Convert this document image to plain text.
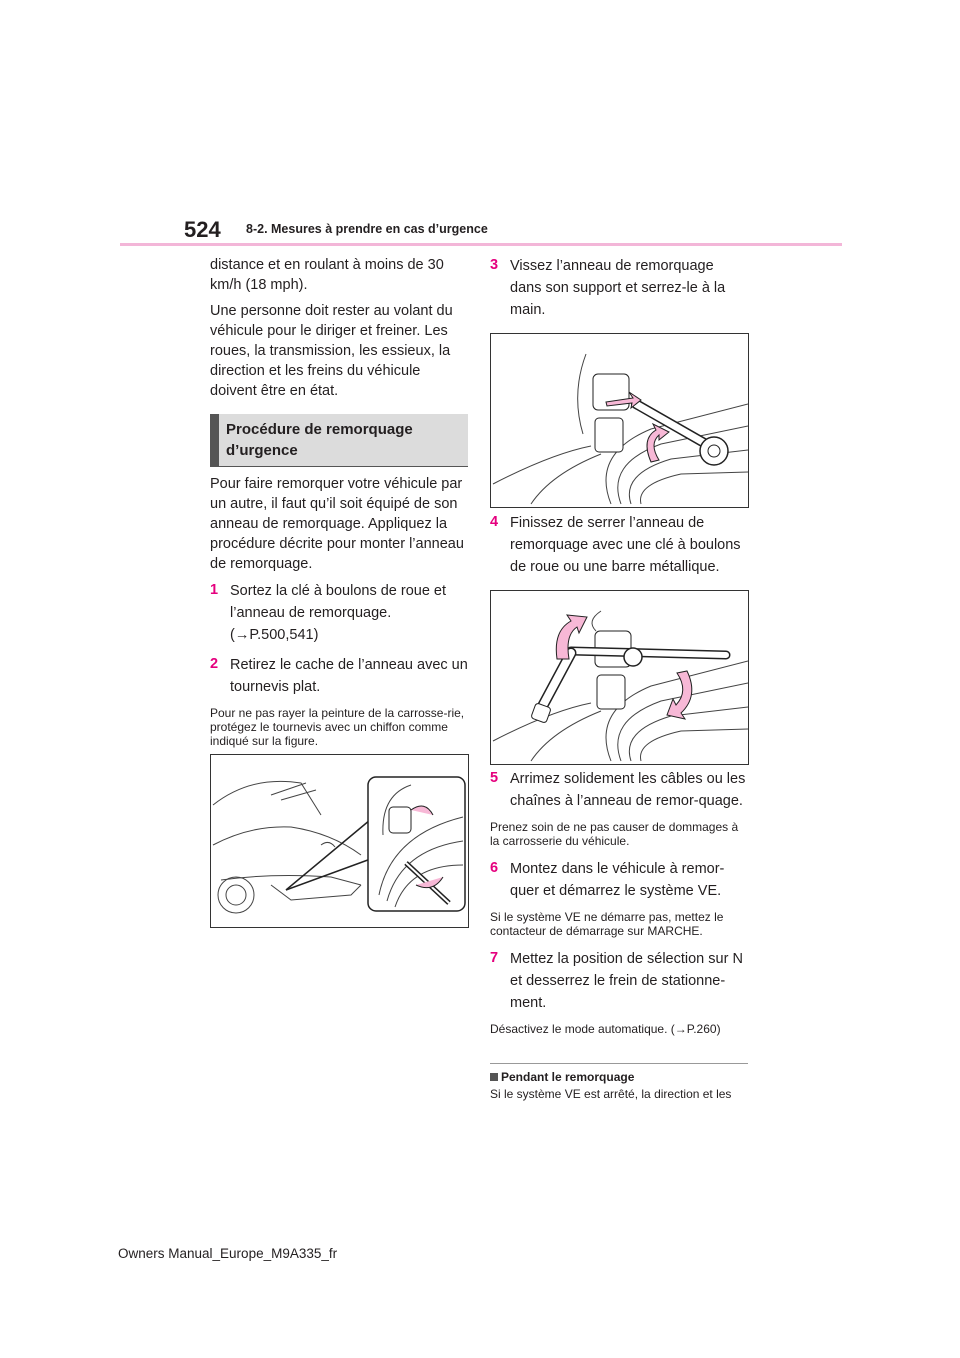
524 8-2. Mesures à prendre en cas d’urgence

distance et en roulant à moins de 30 km/h (18 mph).

Une personne doit rester au volant du véhicule pour le diriger et freiner. Les roues, la transmission, les essieux, la direction et les freins du véhicule doivent être en état.

Procédure de remorquage d’urgence

Pour faire remorquer votre véhicule par un autre, il faut qu’il soit équipé de son anneau de remorquage. Appliquez la procédure décrite pour monter l’anneau de remorquage.

1 Sortez la clé à boulons de roue et l’anneau de remorquage. (→P.500,541)
2 Retirez le cache de l’anneau avec un tournevis plat.

Pour ne pas rayer la peinture de la carrosse-rie, protégez le tournevis avec un chiffon comme indiqué sur la figure.

3 Vissez l’anneau de remorquage dans son support et serrez-le à la main.
4 Finissez de serrer l’anneau de remorquage avec une clé à boulons de roue ou une barre métallique.
5 Arrimez solidement les câbles ou les chaînes à l’anneau de remor-quage.

Prenez soin de ne pas causer de dommages à la carrosserie du véhicule.

6 Montez dans le véhicule à remor-quer et démarrez le système VE.

Si le système VE ne démarre pas, mettez le contacteur de démarrage sur MARCHE.

7 Mettez la position de sélection sur N et desserrez le frein de stationne-ment.

Désactivez le mode automatique. (→P.260)

Pendant le remorquage
Si le système VE est arrêté, la direction et les
Owners Manual_Europe_M9A335_fr
